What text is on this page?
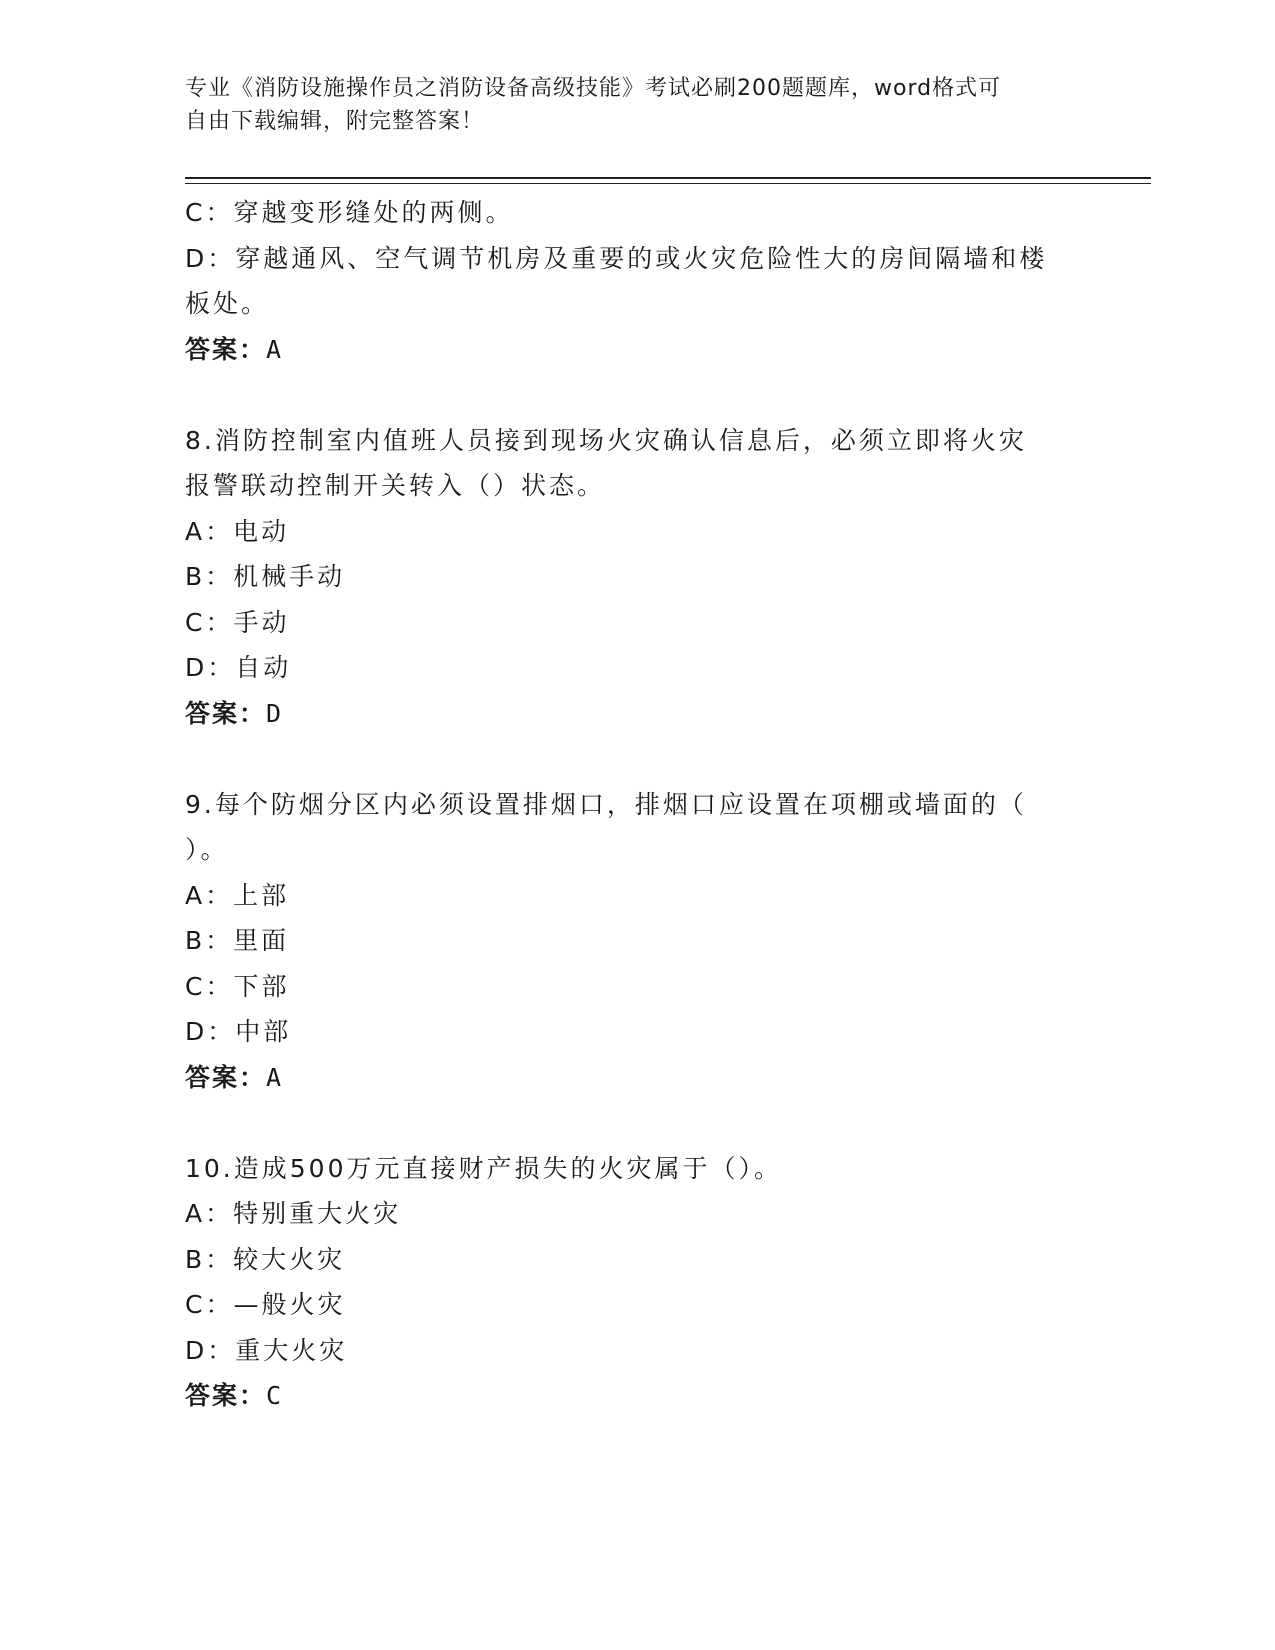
专业《消防设施操作员之消防设备高级技能》考试必刷200题题库，word格式可
自由下载编辑，附完整答案！
C：穿越变形缝处的两侧。
D：穿越通风、空气调节机房及重要的或火灾危险性大的房间隔墙和楼
板处。
答案：A
8.消防控制室内值班人员接到现场火灾确认信息后，必须立即将火灾
报警联动控制开关转入（）状态。
A：电动
B：机械手动
C：手动
D：自动
答案：D
9.每个防烟分区内必须设置排烟口，排烟口应设置在项棚或墙面的（
）。
A：上部
B：里面
C：下部
D：中部
答案：A
10.造成500万元直接财产损失的火灾属于（）。
A：特别重大火灾
B：较大火灾
C：—般火灾
D：重大火灾
答案：C
